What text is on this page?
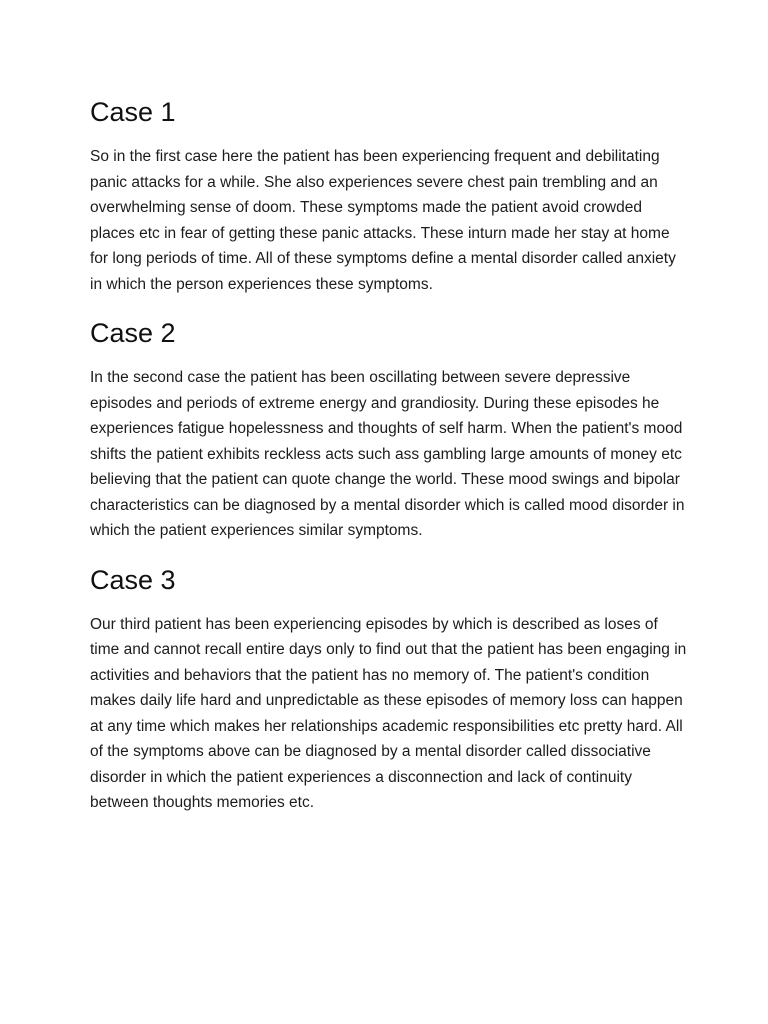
Case 1

So in the first case here the patient has been experiencing frequent and debilitating panic attacks for a while. She also experiences severe chest pain trembling and an overwhelming sense of doom. These symptoms made the patient avoid crowded places etc in fear of getting these panic attacks. These inturn made her stay at home for long periods of time. All of these symptoms define a mental disorder called anxiety in which the person experiences these symptoms.

Case 2

In the second case the patient has been oscillating between severe depressive episodes and periods of extreme energy and grandiosity. During these episodes he experiences fatigue hopelessness and thoughts of self harm. When the patient's mood shifts the patient exhibits reckless acts such ass gambling large amounts of money etc believing that the patient can quote change the world. These mood swings and bipolar characteristics can be diagnosed by a mental disorder which is called mood disorder in which the patient experiences similar symptoms.

Case 3

Our third patient has been experiencing episodes by which is described as loses of time and cannot recall entire days only to find out that the patient has been engaging in activities and behaviors that the patient has no memory of. The patient's condition makes daily life hard and unpredictable as these episodes of memory loss can happen at any time which makes her relationships academic responsibilities etc pretty hard. All of the symptoms above can be diagnosed by a mental disorder called dissociative disorder in which the patient experiences a disconnection and lack of continuity between thoughts memories etc.
